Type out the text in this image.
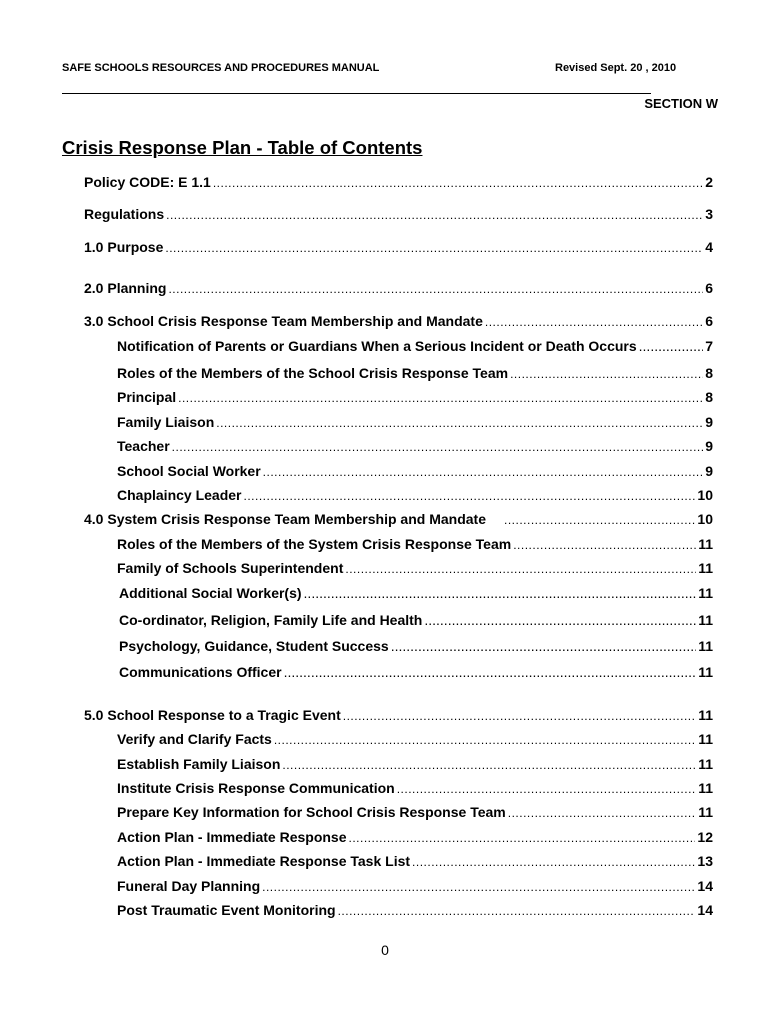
SAFE SCHOOLS RESOURCES AND PROCEDURES MANUAL	Revised Sept. 20 , 2010
SECTION W
Crisis Response Plan - Table of Contents
Policy CODE: E 1.1 .....	2
Regulations .....	3
1.0 Purpose .....	4
2.0 Planning .....	6
3.0 School Crisis Response Team Membership and Mandate .....	6
Notification of Parents or Guardians When a Serious Incident or Death Occurs .....	7
Roles of the Members of the School Crisis Response Team .....	8
Principal .....	8
Family Liaison .....	9
Teacher .....	9
School Social Worker .....	9
Chaplaincy Leader .....	10
4.0 System Crisis Response Team Membership and Mandate .....	10
Roles of the Members of the System Crisis Response Team .....	11
Family of Schools Superintendent .....	11
Additional Social Worker(s) .....	11
Co-ordinator, Religion, Family Life and Health .....	11
Psychology, Guidance, Student Success .....	11
Communications Officer .....	11
5.0 School Response to a Tragic Event .....	11
Verify and Clarify Facts .....	11
Establish Family Liaison .....	11
Institute Crisis Response Communication .....	11
Prepare Key Information for School Crisis Response Team .....	11
Action Plan - Immediate Response .....	12
Action Plan - Immediate Response Task List .....	13
Funeral Day Planning .....	14
Post Traumatic Event Monitoring .....	14
0
